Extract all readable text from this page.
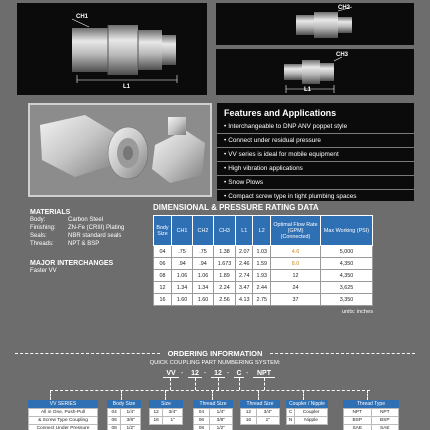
CH1
L1
CH2
CH3
L1
Features and Applications
• Interchangeable to DNP ANV poppet style
• Connect under residual pressure
• VV series is ideal for mobile equipment
• High vibration applications
• Snow Plows
• Compact screw type in tight plumbing spaces
MATERIALS
Body:	Carbon Steel
Finishing:	ZN-Fe (CRIII) Plating
Seals:	NBR standard seals
Threads:	NPT & BSP
MAJOR INTERCHANGES
Faster VV
DIMENSIONAL & PRESSURE RATING DATA
Body Size	CH1	CH2	CH3	L1	L2	Optimal Flow Rate (GPM) (Connected)	Max Working (PSI)
04	.75	.75	1.38	2.07	1.03	4.6	5,000
06	.94	.94	1.673	2.46	1.59	8.0	4,350
08	1.06	1.06	1.89	2.74	1.93	12	4,350
12	1.34	1.34	2.24	3.47	2.44	24	3,625
16	1.60	1.60	2.56	4.13	2.75	37	3,350
units: inches
ORDERING INFORMATION
QUICK COUPLING PART NUMBERING SYSTEM:
VV -	12 -	12 -	C -	NPT
VV SERIES
All in One, Push-Pull
& Screw Type Coupling
Connect Under Pressure
Body Size
04	1/4"
06	3/8"
08	1/2"
Size
12	3/4"
16	1"
Thread Size
04	1/4"
06	3/8"
08	1/2"
Thread Size
12	3/4"
16	1"
Coupler / Nipple
C	Coupler
N	Nipple
Thread Type
NPT	NPT
BSP	BSP
SAE	SAE
